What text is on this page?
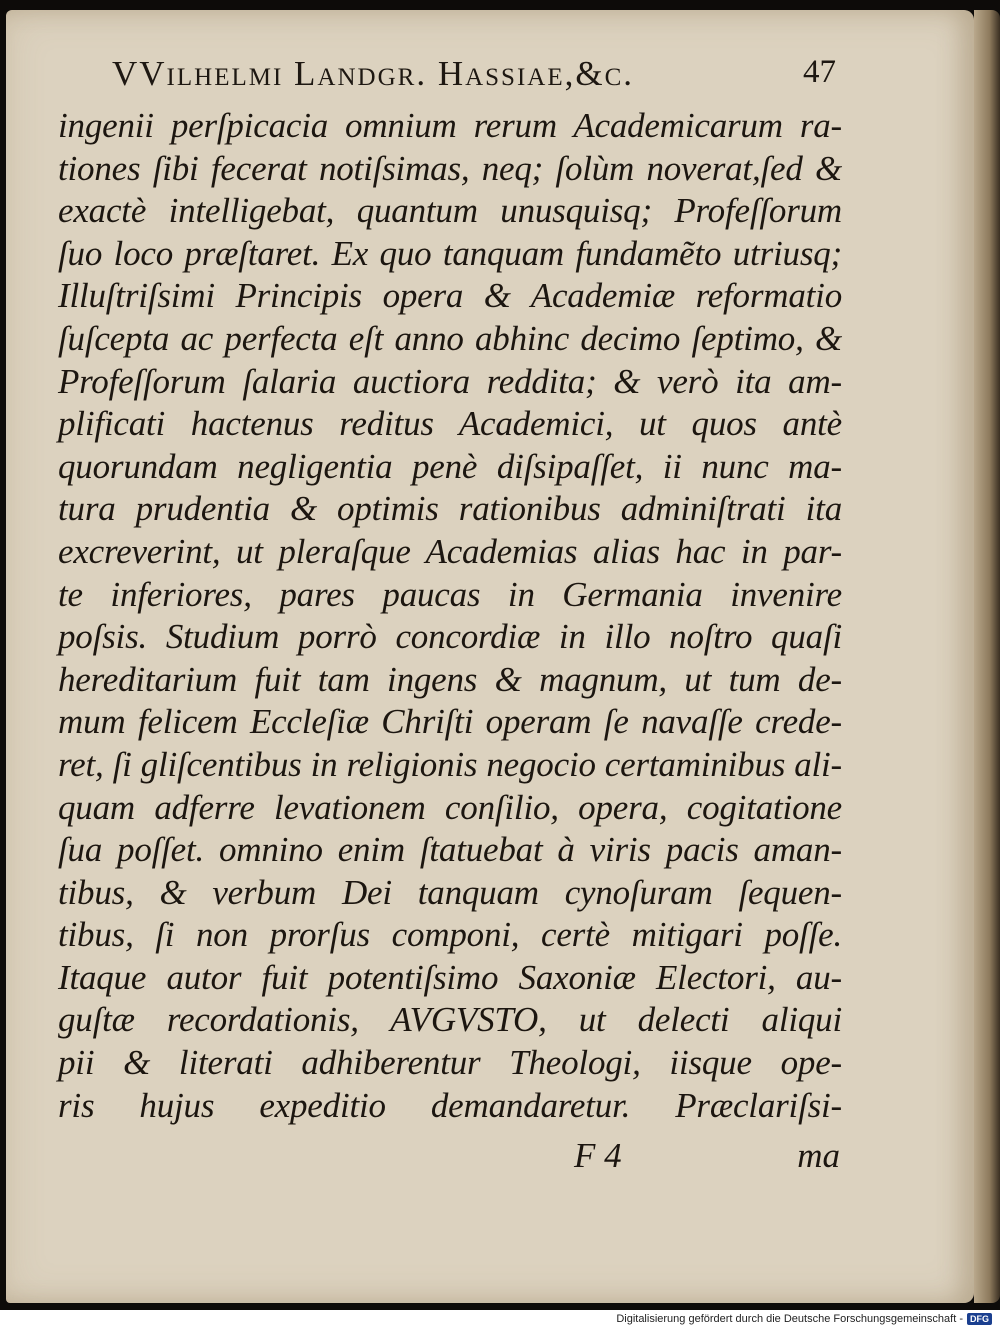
VVilhelmi Landgr. Hassiae,&c.	47
ingenii perſpicacia omnium rerum Academicarum ra-
tiones ſibi fecerat notiſsimas, neq; ſolùm noverat,ſed &
exactè intelligebat, quantum unusquisq; Profeſſorum
ſuo loco præſtaret. Ex quo tanquam fundamẽto utriusq;
Illuſtriſsimi Principis opera & Academiæ reformatio
ſuſcepta ac perfecta eſt anno abhinc decimo ſeptimo, &
Profeſſorum ſalaria auctiora reddita; & verò ita am-
plificati hactenus reditus Academici, ut quos antè
quorundam negligentia penè diſsipaſſet, ii nunc ma-
tura prudentia & optimis rationibus adminiſtrati ita
excreverint, ut pleraſque Academias alias hac in par-
te inferiores, pares paucas in Germania invenire
poſsis. Studium porrò concordiæ in illo noſtro quaſi
hereditarium fuit tam ingens & magnum, ut tum de-
mum felicem Eccleſiæ Chriſti operam ſe navaſſe crede-
ret, ſi gliſcentibus in religionis negocio certaminibus ali-
quam adferre levationem conſilio, opera, cogitatione
ſua poſſet. omnino enim ſtatuebat à viris pacis aman-
tibus, & verbum Dei tanquam cynoſuram ſequen-
tibus, ſi non prorſus componi, certè mitigari poſſe.
Itaque autor fuit potentiſsimo Saxoniæ Electori, au-
guſtæ recordationis, AVGVSTO, ut delecti aliqui
pii & literati adhiberentur Theologi, iisque ope-
ris hujus expeditio demandaretur. Præclariſsi-
F 4	ma
Digitalisierung gefördert durch die Deutsche Forschungsgemeinschaft - DFG
